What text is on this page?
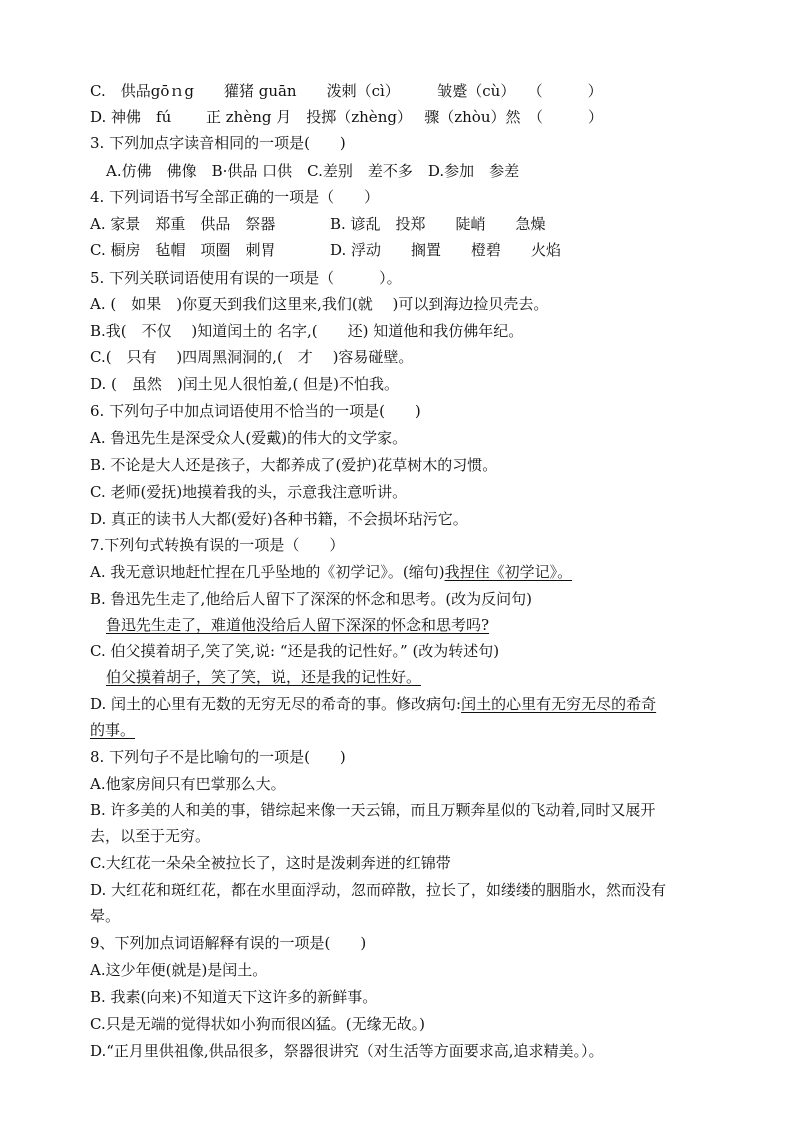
C.　供品gōｎg　　獾猪 guān　　泼剌（cì）　　　皱蹙（cù）　 （　　　）
D. 神佛　fú　　 正 zhèng 月　投掷（zhèng）　 骤（zhòu）然　（　　　）
3. 下列加点字读音相同的一项是(　　)
A.仿佛　佛像　B·供品 口供　C.差别　差不多　D.参加　参差
4. 下列词语书写全部正确的一项是（　　）
A. 家景　郑重　供品　祭器	B. 谚乱　投郑　　陡峭　　急燥
C. 橱房　毡帽　项圈　刺胃	D. 浮动　　搁置　　橙碧　　火焰
5. 下列关联词语使用有误的一项是（　　　）。
A. (　如果　)你夏天到我们这里来,我们(就　 )可以到海边捡贝壳去。
B.我(　不仅　 )知道闰土的 名字,(　　还) 知道他和我仿佛年纪。
C.(　只有　 )四周黑洞洞的,(　才　 )容易碰壁。
D. (　虽然　)闰土见人很怕羞,( 但是)不怕我。
6. 下列句子中加点词语使用不恰当的一项是(　　)
A. 鲁迅先生是深受众人(爱戴)的伟大的文学家。
B. 不论是大人还是孩子，大都养成了(爱护)花草树木的习惯。
C. 老师(爱抚)地摸着我的头，示意我注意听讲。
D. 真正的读书人大都(爱好)各种书籍，不会损坏玷污它。
7.下列句式转换有误的一项是（　　）
A. 我无意识地赶忙捏在几乎坠地的《初学记》。(缩句)我捏住《初学记》。
B. 鲁迅先生走了,他给后人留下了深深的怀念和思考。(改为反问句)
鲁迅先生走了，难道他没给后人留下深深的怀念和思考吗?
C. 伯父摸着胡子,笑了笑,说: “还是我的记性好。” (改为转述句)
伯父摸着胡子，笑了笑，说，还是我的记性好。
D. 闰土的心里有无数的无穷无尽的希奇的事。修改病句:闰土的心里有无穷无尽的希奇
的事。
8. 下列句子不是比喻句的一项是(　　)
A.他家房间只有巴掌那么大。
B. 许多美的人和美的事，错综起来像一天云锦，而且万颗奔星似的飞动着,同时又展开
去，以至于无穷。
C.大红花一朵朵全被拉长了，这时是泼刺奔迸的红锦带
D. 大红花和斑红花，都在水里面浮动，忽而碎散，拉长了，如缕缕的胭脂水，然而没有
晕。
9、下列加点词语解释有误的一项是(　　)
A.这少年便(就是)是闰土。
B. 我素(向来)不知道天下这许多的新鲜事。
C.只是无端的觉得状如小狗而很凶猛。(无缘无故。)
D.“正月里供祖像,供品很多，祭器很讲究（对生活等方面要求高,追求精美。）。
